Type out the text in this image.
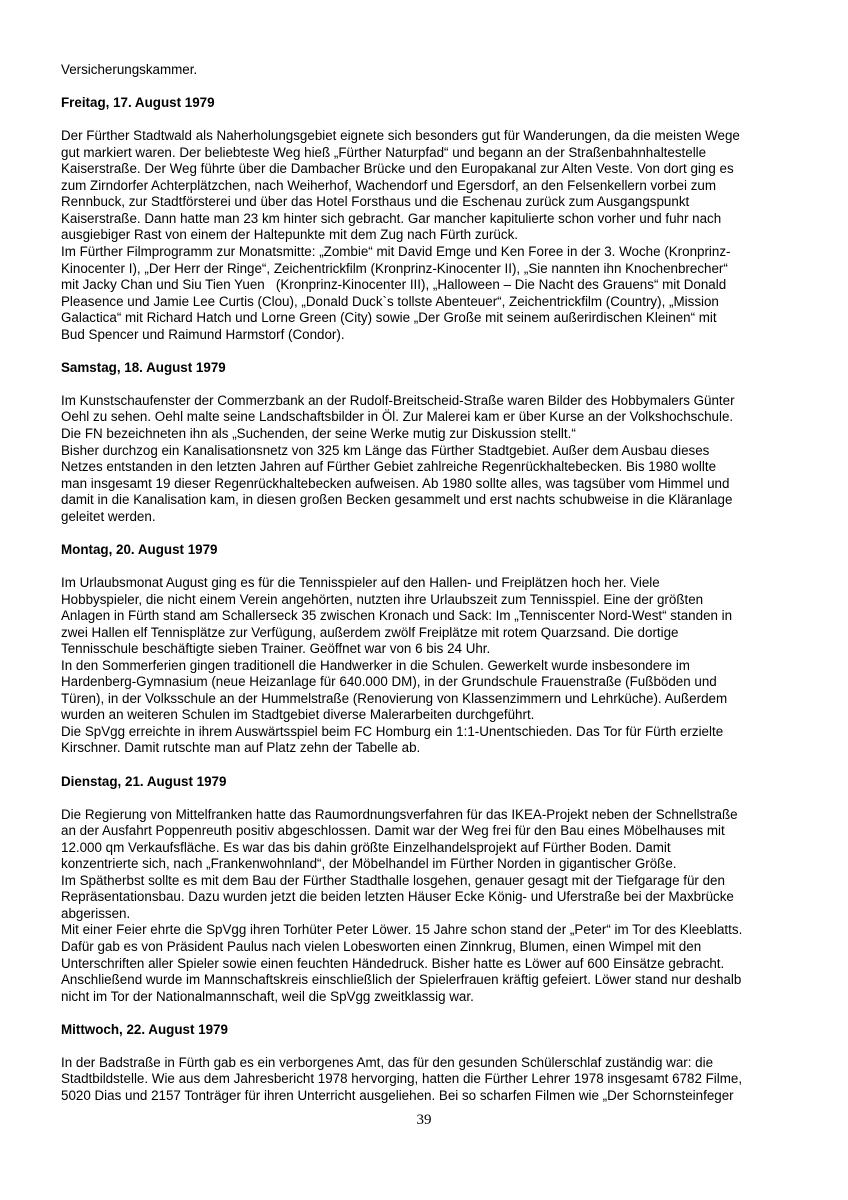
Versicherungskammer.
Freitag, 17. August 1979
Der Fürther Stadtwald als Naherholungsgebiet eignete sich besonders gut für Wanderungen, da die meisten Wege
gut markiert waren. Der beliebteste Weg hieß „Fürther Naturpfad“ und begann an der Straßenbahnhaltestelle
Kaiserstraße. Der Weg führte über die Dambacher Brücke und den Europakanal zur Alten Veste. Von dort ging es
zum Zirndorfer Achterplätzchen, nach Weiherhof, Wachendorf und Egersdorf, an den Felsenkellern vorbei zum
Rennbuck, zur Stadtförsterei und über das Hotel Forsthaus und die Eschenau zurück zum Ausgangspunkt
Kaiserstraße. Dann hatte man 23 km hinter sich gebracht. Gar mancher kapitulierte schon vorher und fuhr nach
ausgiebiger Rast von einem der Haltepunkte mit dem Zug nach Fürth zurück.
Im Fürther Filmprogramm zur Monatsmitte: „Zombie“ mit David Emge und Ken Foree in der 3. Woche (Kronprinz-
Kinocenter I), „Der Herr der Ringe“, Zeichentrickfilm (Kronprinz-Kinocenter II), „Sie nannten ihn Knochenbrecher“
mit Jacky Chan und Siu Tien Yuen   (Kronprinz-Kinocenter III), „Halloween – Die Nacht des Grauens“ mit Donald
Pleasence und Jamie Lee Curtis (Clou), „Donald Duck`s tollste Abenteuer“, Zeichentrickfilm (Country), „Mission
Galactica“ mit Richard Hatch und Lorne Green (City) sowie „Der Große mit seinem außerirdischen Kleinen“ mit
Bud Spencer und Raimund Harmstorf (Condor).
Samstag, 18. August 1979
Im Kunstschaufenster der Commerzbank an der Rudolf-Breitscheid-Straße waren Bilder des Hobbymalers Günter
Oehl zu sehen. Oehl malte seine Landschaftsbilder in Öl. Zur Malerei kam er über Kurse an der Volkshochschule.
Die FN bezeichneten ihn als „Suchenden, der seine Werke mutig zur Diskussion stellt.“
Bisher durchzog ein Kanalisationsnetz von 325 km Länge das Fürther Stadtgebiet. Außer dem Ausbau dieses
Netzes entstanden in den letzten Jahren auf Fürther Gebiet zahlreiche Regenrückhaltebecken. Bis 1980 wollte
man insgesamt 19 dieser Regenrückhaltebecken aufweisen. Ab 1980 sollte alles, was tagsüber vom Himmel und
damit in die Kanalisation kam, in diesen großen Becken gesammelt und erst nachts schubweise in die Kläranlage
geleitet werden.
Montag, 20. August 1979
Im Urlaubsmonat August ging es für die Tennisspieler auf den Hallen- und Freiplätzen hoch her. Viele
Hobbyspieler, die nicht einem Verein angehörten, nutzten ihre Urlaubszeit zum Tennisspiel. Eine der größten
Anlagen in Fürth stand am Schallerseck 35 zwischen Kronach und Sack: Im „Tenniscenter Nord-West“ standen in
zwei Hallen elf Tennisplätze zur Verfügung, außerdem zwölf Freiplätze mit rotem Quarzsand. Die dortige
Tennisschule beschäftigte sieben Trainer. Geöffnet war von 6 bis 24 Uhr.
In den Sommerferien gingen traditionell die Handwerker in die Schulen. Gewerkelt wurde insbesondere im
Hardenberg-Gymnasium (neue Heizanlage für 640.000 DM), in der Grundschule Frauenstraße (Fußböden und
Türen), in der Volksschule an der Hummelstraße (Renovierung von Klassenzimmern und Lehrküche). Außerdem
wurden an weiteren Schulen im Stadtgebiet diverse Malerarbeiten durchgeführt.
Die SpVgg erreichte in ihrem Auswärtsspiel beim FC Homburg ein 1:1-Unentschieden. Das Tor für Fürth erzielte
Kirschner. Damit rutschte man auf Platz zehn der Tabelle ab.
Dienstag, 21. August 1979
Die Regierung von Mittelfranken hatte das Raumordnungsverfahren für das IKEA-Projekt neben der Schnellstraße
an der Ausfahrt Poppenreuth positiv abgeschlossen. Damit war der Weg frei für den Bau eines Möbelhauses mit
12.000 qm Verkaufsfläche. Es war das bis dahin größte Einzelhandelsprojekt auf Fürther Boden. Damit
konzentrierte sich, nach „Frankenwohnland“, der Möbelhandel im Fürther Norden in gigantischer Größe.
Im Spätherbst sollte es mit dem Bau der Fürther Stadthalle losgehen, genauer gesagt mit der Tiefgarage für den
Repräsentationsbau. Dazu wurden jetzt die beiden letzten Häuser Ecke König- und Uferstraße bei der Maxbrücke
abgerissen.
Mit einer Feier ehrte die SpVgg ihren Torhüter Peter Löwer. 15 Jahre schon stand der „Peter“ im Tor des Kleeblatts.
Dafür gab es von Präsident Paulus nach vielen Lobesworten einen Zinnkrug, Blumen, einen Wimpel mit den
Unterschriften aller Spieler sowie einen feuchten Händedruck. Bisher hatte es Löwer auf 600 Einsätze gebracht.
Anschließend wurde im Mannschaftskreis einschließlich der Spielerfrauen kräftig gefeiert. Löwer stand nur deshalb
nicht im Tor der Nationalmannschaft, weil die SpVgg zweitklassig war.
Mittwoch, 22. August 1979
In der Badstraße in Fürth gab es ein verborgenes Amt, das für den gesunden Schülerschlaf zuständig war: die
Stadtbildstelle. Wie aus dem Jahresbericht 1978 hervorging, hatten die Fürther Lehrer 1978 insgesamt 6782 Filme,
5020 Dias und 2157 Tonträger für ihren Unterricht ausgeliehen. Bei so scharfen Filmen wie „Der Schornsteinfeger
39
